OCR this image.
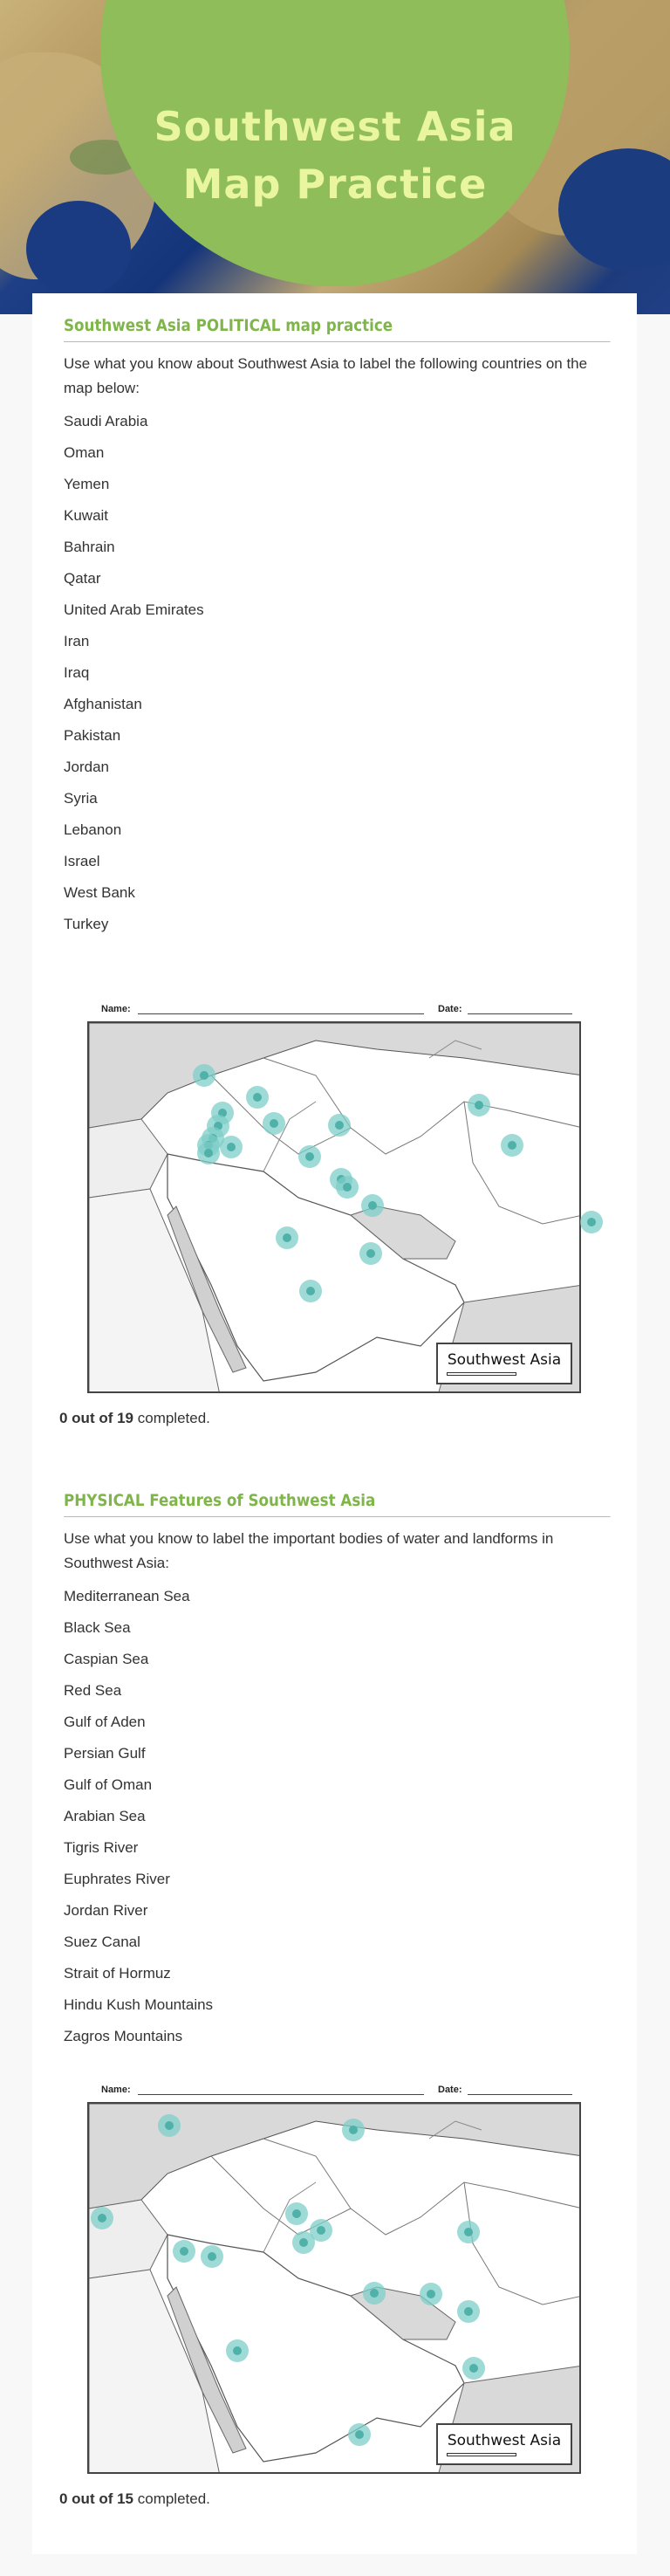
Southwest Asia
Map Practice
Southwest Asia POLITICAL map practice
Use what you know about Southwest Asia to label the following countries on the map below:
Saudi Arabia
Oman
Yemen
Kuwait
Bahrain
Qatar
United Arab Emirates
Iran
Iraq
Afghanistan
Pakistan
Jordan
Syria
Lebanon
Israel
West Bank
Turkey
Name:	Date:
Southwest Asia
0 out of 19 completed.
PHYSICAL Features of Southwest Asia
Use what you know to label the important bodies of water and landforms in Southwest Asia:
Mediterranean Sea
Black Sea
Caspian Sea
Red Sea
Gulf of Aden
Persian Gulf
Gulf of Oman
Arabian Sea
Tigris River
Euphrates River
Jordan River
Suez Canal
Strait of Hormuz
Hindu Kush Mountains
Zagros Mountains
Name:	Date:
Southwest Asia
0 out of 15 completed.
